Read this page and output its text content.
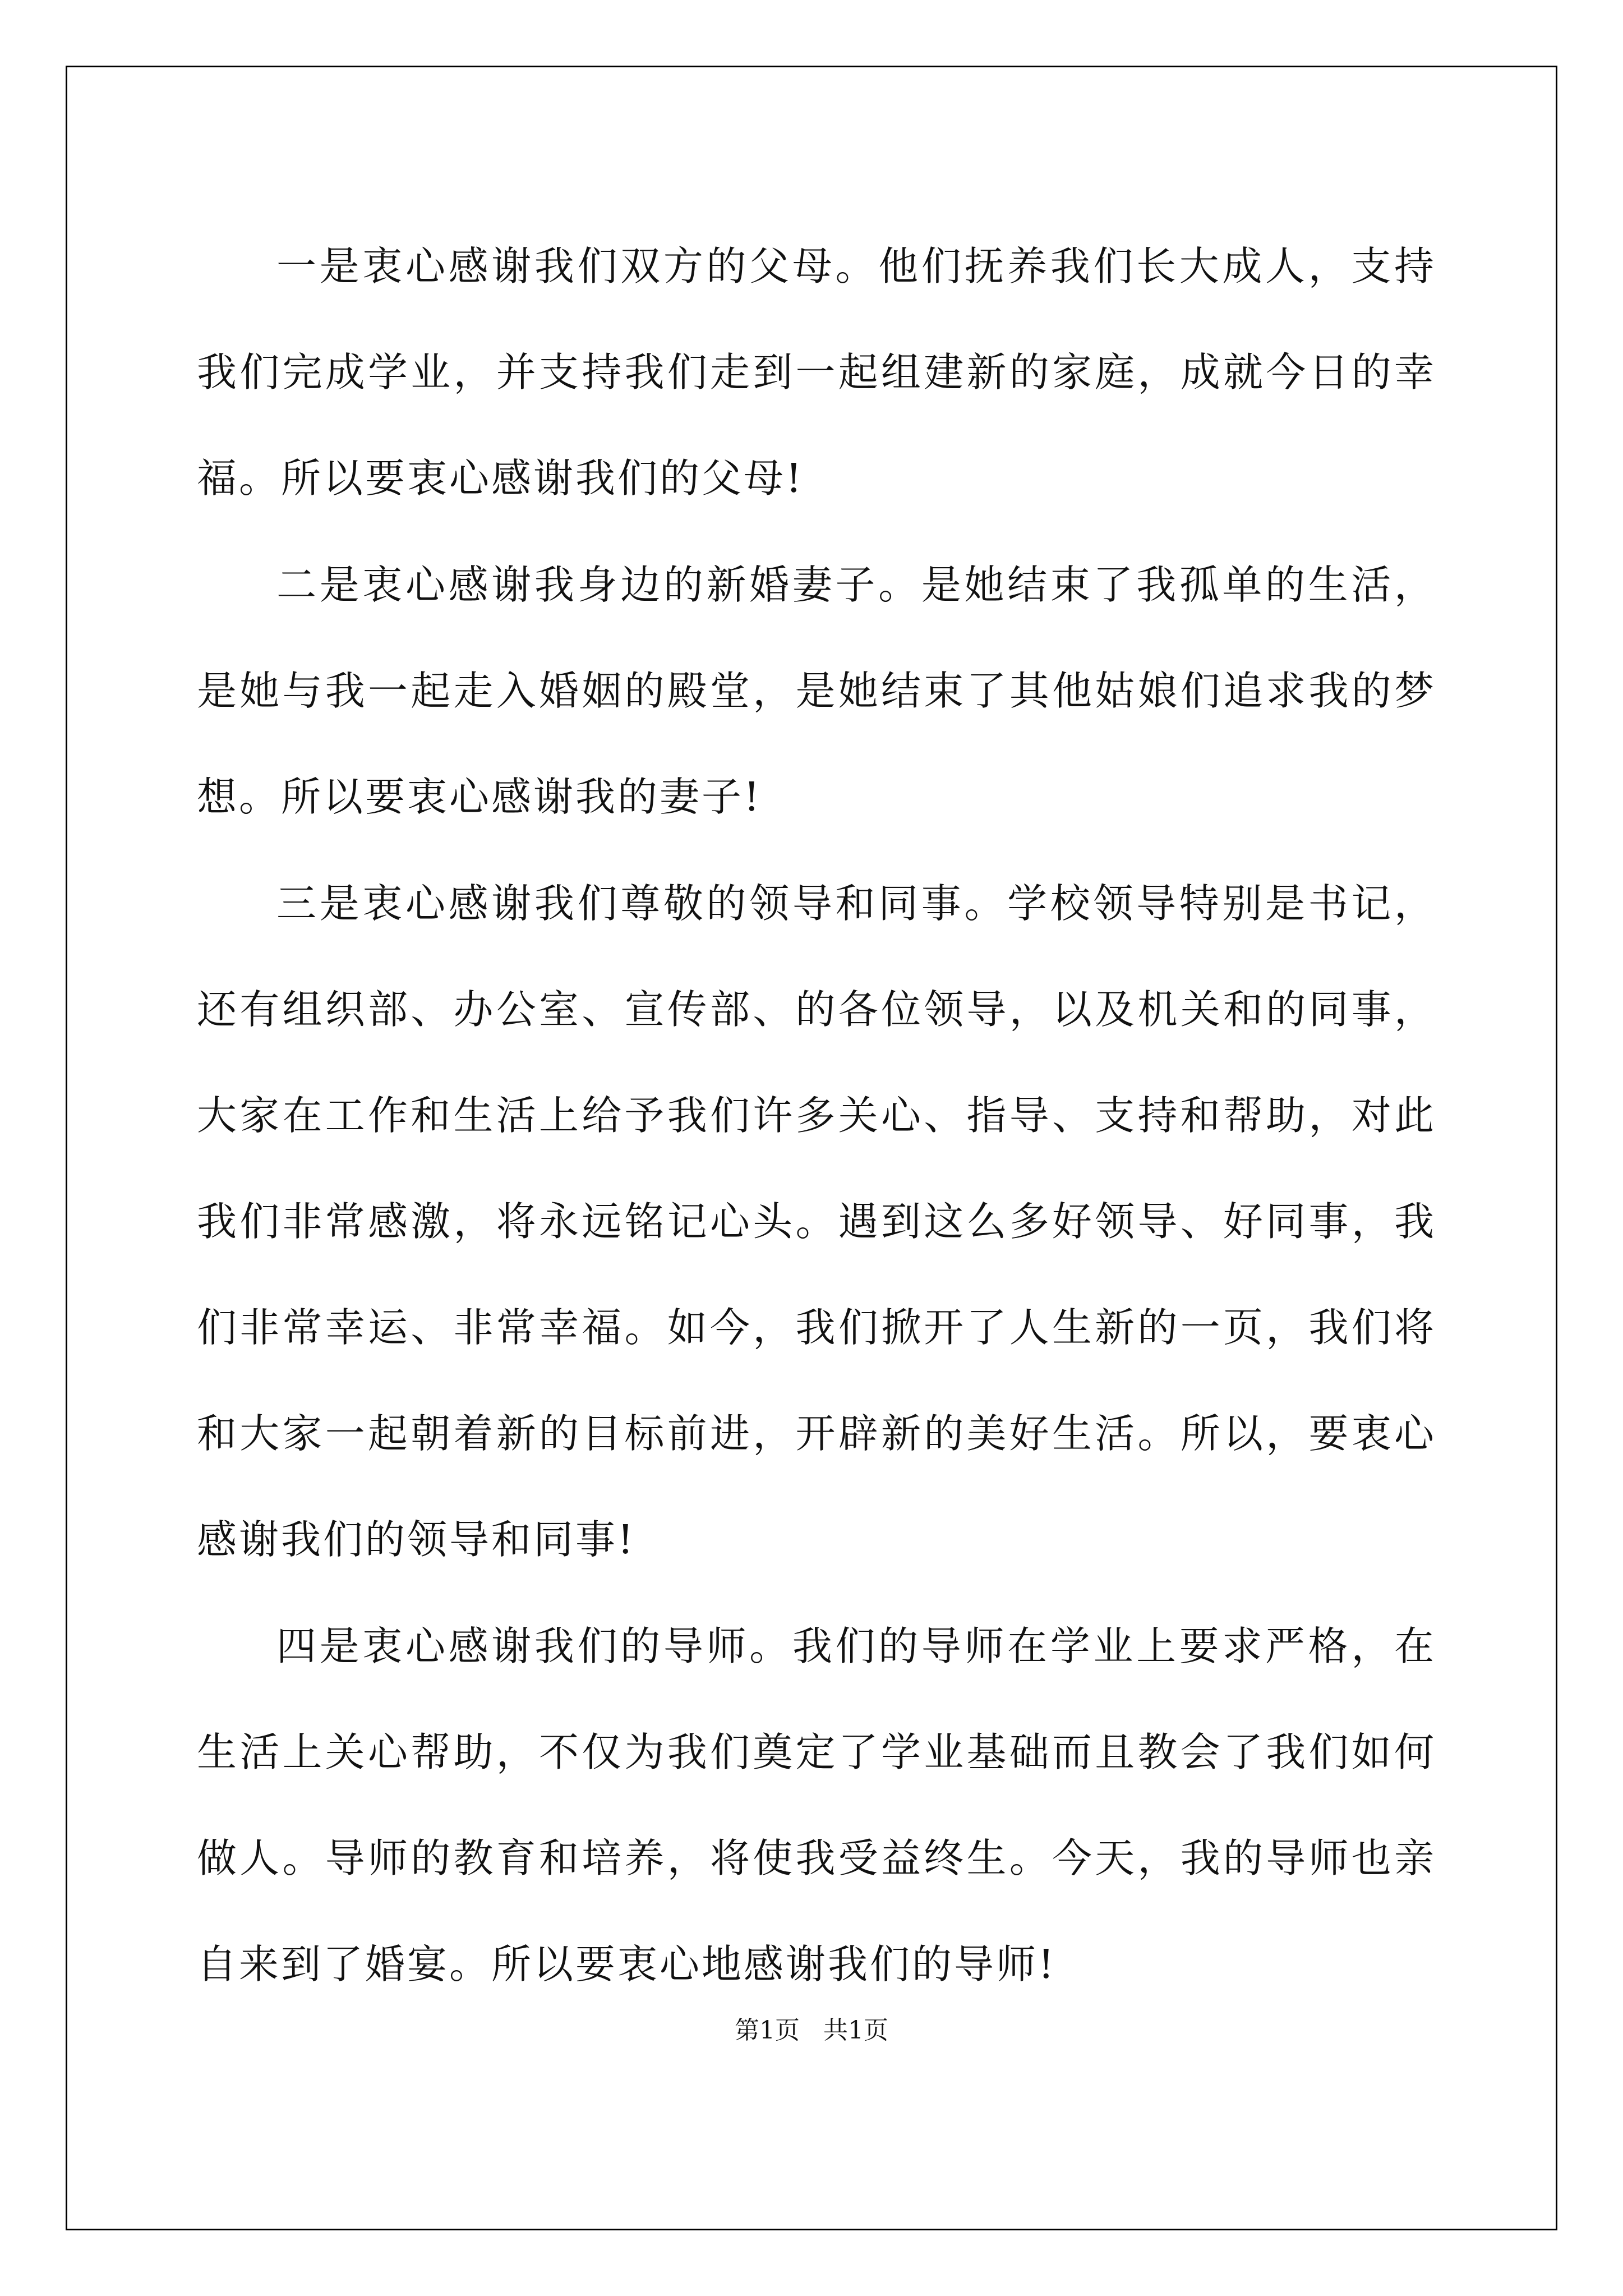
一是衷心感谢我们双方的父母。他们抚养我们长大成人，支持我们完成学业，并支持我们走到一起组建新的家庭，成就今日的幸福。所以要衷心感谢我们的父母!

二是衷心感谢我身边的新婚妻子。是她结束了我孤单的生活，是她与我一起走入婚姻的殿堂，是她结束了其他姑娘们追求我的梦想。所以要衷心感谢我的妻子!

三是衷心感谢我们尊敬的领导和同事。学校领导特别是书记，还有组织部、办公室、宣传部、的各位领导，以及机关和的同事，大家在工作和生活上给予我们许多关心、指导、支持和帮助，对此我们非常感激，将永远铭记心头。遇到这么多好领导、好同事，我们非常幸运、非常幸福。如今，我们掀开了人生新的一页，我们将和大家一起朝着新的目标前进，开辟新的美好生活。所以，要衷心感谢我们的领导和同事!

四是衷心感谢我们的导师。我们的导师在学业上要求严格，在生活上关心帮助，不仅为我们奠定了学业基础而且教会了我们如何做人。导师的教育和培养，将使我受益终生。今天，我的导师也亲自来到了婚宴。所以要衷心地感谢我们的导师!

第1页   共1页
